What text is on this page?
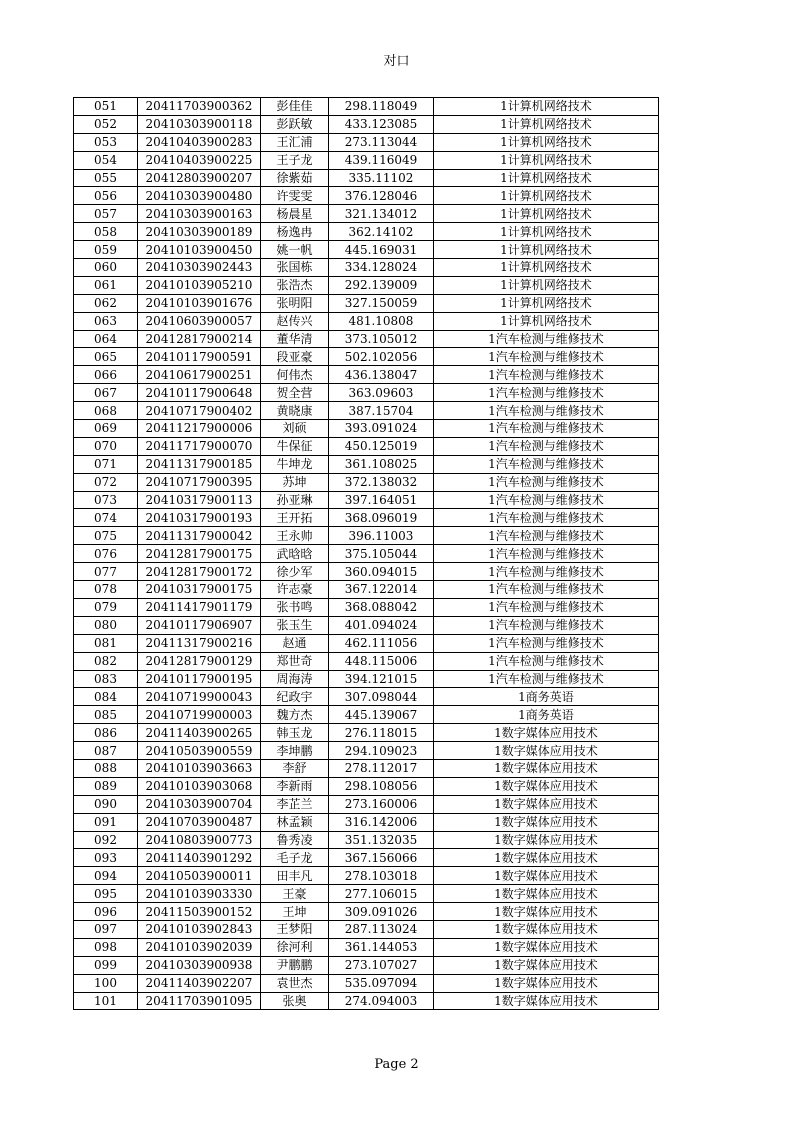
对口
051	20411703900362	彭佳佳	298.118049	1计算机网络技术
052	20410303900118	彭跃敏	433.123085	1计算机网络技术
053	20410403900283	王汇浦	273.113044	1计算机网络技术
054	20410403900225	王子龙	439.116049	1计算机网络技术
055	20412803900207	徐紫茹	335.11102	1计算机网络技术
056	20410303900480	许雯雯	376.128046	1计算机网络技术
057	20410303900163	杨晨星	321.134012	1计算机网络技术
058	20410303900189	杨逸冉	362.14102	1计算机网络技术
059	20410103900450	姚一帆	445.169031	1计算机网络技术
060	20410303902443	张国栋	334.128024	1计算机网络技术
061	20410103905210	张浩杰	292.139009	1计算机网络技术
062	20410103901676	张明阳	327.150059	1计算机网络技术
063	20410603900057	赵传兴	481.10808	1计算机网络技术
064	20412817900214	董华清	373.105012	1汽车检测与维修技术
065	20410117900591	段亚豪	502.102056	1汽车检测与维修技术
066	20410617900251	何伟杰	436.138047	1汽车检测与维修技术
067	20410117900648	贺全营	363.09603	1汽车检测与维修技术
068	20410717900402	黄晓康	387.15704	1汽车检测与维修技术
069	20411217900006	刘硕	393.091024	1汽车检测与维修技术
070	20411717900070	牛保征	450.125019	1汽车检测与维修技术
071	20411317900185	牛坤龙	361.108025	1汽车检测与维修技术
072	20410717900395	苏坤	372.138032	1汽车检测与维修技术
073	20410317900113	孙亚琳	397.164051	1汽车检测与维修技术
074	20410317900193	王开拓	368.096019	1汽车检测与维修技术
075	20411317900042	王永帅	396.11003	1汽车检测与维修技术
076	20412817900175	武晗晗	375.105044	1汽车检测与维修技术
077	20412817900172	徐少军	360.094015	1汽车检测与维修技术
078	20410317900175	许志豪	367.122014	1汽车检测与维修技术
079	20411417901179	张书鸣	368.088042	1汽车检测与维修技术
080	20410117906907	张玉生	401.094024	1汽车检测与维修技术
081	20411317900216	赵通	462.111056	1汽车检测与维修技术
082	20412817900129	郑世奇	448.115006	1汽车检测与维修技术
083	20410117900195	周海涛	394.121015	1汽车检测与维修技术
084	20410719900043	纪政宇	307.098044	1商务英语
085	20410719900003	魏方杰	445.139067	1商务英语
086	20411403900265	韩玉龙	276.118015	1数字媒体应用技术
087	20410503900559	李坤鹏	294.109023	1数字媒体应用技术
088	20410103903663	李舒	278.112017	1数字媒体应用技术
089	20410103903068	李新雨	298.108056	1数字媒体应用技术
090	20410303900704	李芷兰	273.160006	1数字媒体应用技术
091	20410703900487	林孟颖	316.142006	1数字媒体应用技术
092	20410803900773	鲁秀凌	351.132035	1数字媒体应用技术
093	20411403901292	毛子龙	367.156066	1数字媒体应用技术
094	20410503900011	田丰凡	278.103018	1数字媒体应用技术
095	20410103903330	王豪	277.106015	1数字媒体应用技术
096	20411503900152	王坤	309.091026	1数字媒体应用技术
097	20410103902843	王梦阳	287.113024	1数字媒体应用技术
098	20410103902039	徐河利	361.144053	1数字媒体应用技术
099	20410303900938	尹鹏鹏	273.107027	1数字媒体应用技术
100	20411403902207	袁世杰	535.097094	1数字媒体应用技术
101	20411703901095	张奥	274.094003	1数字媒体应用技术
Page 2
